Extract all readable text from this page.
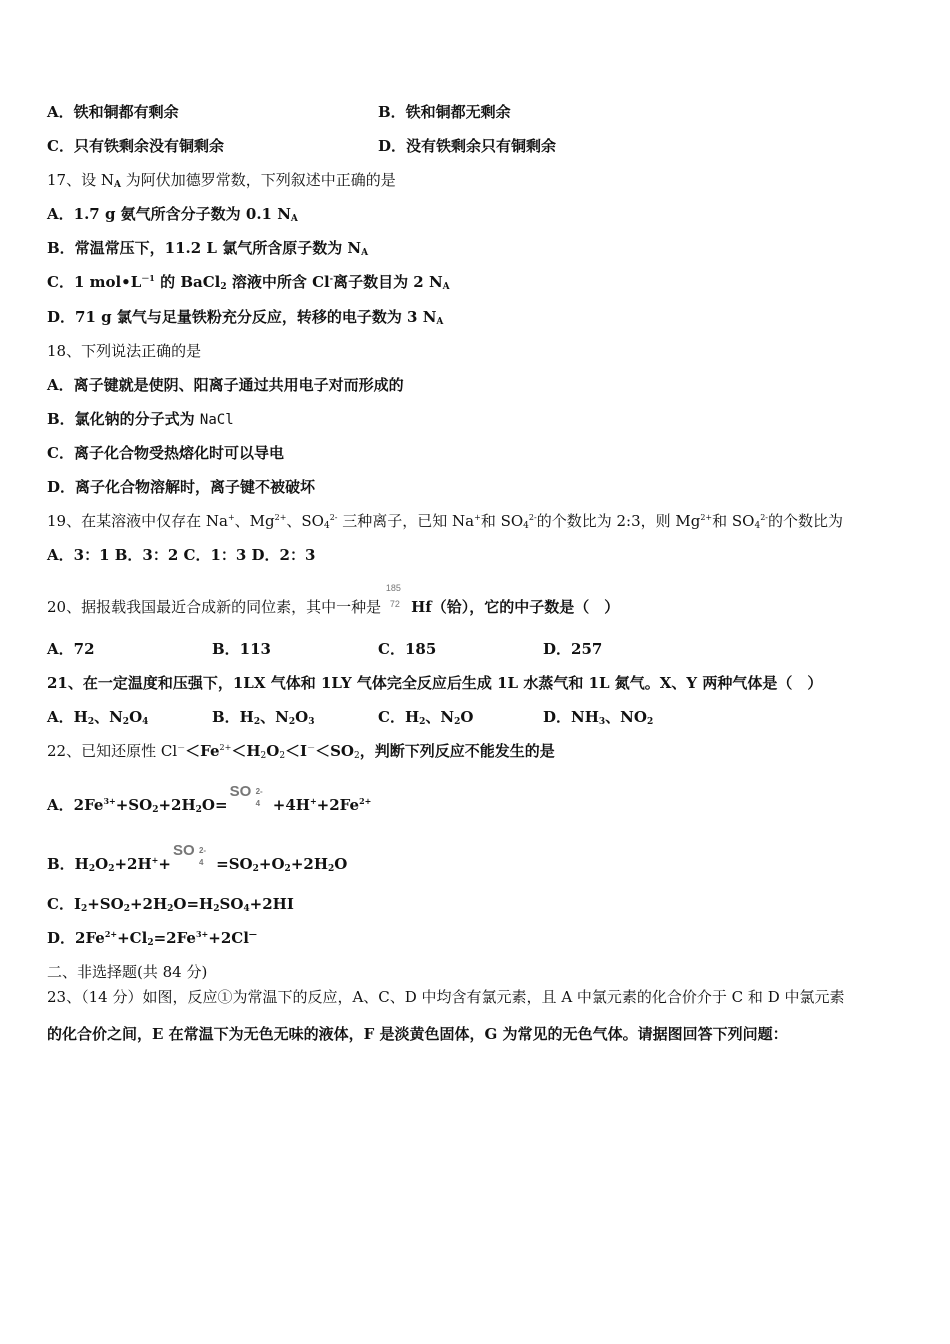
A．铁和铜都有剩余	B．铁和铜都无剩余
C．只有铁剩余没有铜剩余	D．没有铁剩余只有铜剩余
17、设 $N_A$ 为阿伏加德罗常数，下列叙述中正确的是
A．1.7 g 氨气所含分子数为 0.1 $N_A$
B．常温常压下，11.2 L 氯气所含原子数为 $N_A$
C．1 $mol•L^{-1}$ 的 BaCl$_2$ 溶液中所含 Cl-离子数目为 2 $N_A$
D．71 g 氯气与足量铁粉充分反应，转移的电子数为 3 $N_A$
18、下列说法正确的是
A．离子键就是使阴、阳离子通过共用电子对而形成的
B．氯化钠的分子式为 NaCl
C．离子化合物受热熔化时可以导电
D．离子化合物溶解时，离子键不被破坏
19、在某溶液中仅存在 Na+、$Mg^{2+}$、$SO_4^{2-}$ 三种离子，已知 Na+和 $SO_4^{2-}$的个数比为 2:3，则 $Mg^{2+}$和 $SO_4^{2-}$的个数比为
A．3：1 B．3：2 C．1：3 D．2：3
20、据报载我国最近合成新的同位素，其中一种是
185
72 Hf（铪），它的中子数是（　）
A．72	B．113	C．185	D．257
21、在一定温度和压强下，1LX 气体和 1LY 气体完全反应后生成 1L 水蒸气和 1L 氮气。X、Y 两种气体是（　）
A．$H_2$、$N_2O_4$	B．$H_2$、$N_2O_3$	C．$H_2$、$N_2O$	D．$NH_3$、$NO_2$
22、已知还原性 $Cl^-<Fe^{2+}<H_2O_2<I^-<SO_2$，判断下列反应不能发生的是
A．$2Fe^{3+}+SO_2+2H_2O=$
SO 2-
$4 +4H^++2Fe^{2+}$
B．$H_2O_2+2H^++$
SO 2-
$4 =SO_2+O_2+2H_2O$
C．$I_2+SO_2+2H_2O=H_2SO_4+2HI$
D．$2Fe^{2+}+Cl_2=2Fe^{3+}+2Cl^—$
二、非选择题(共 84 分)
23、（14 分）如图，反应①为常温下的反应，A、C、D 中均含有氯元素，且 A 中氯元素的化合价介于 C 和 D 中氯元素
的化合价之间，E 在常温下为无色无味的液体，F 是淡黄色固体，G 为常见的无色气体。请据图回答下列问题：
